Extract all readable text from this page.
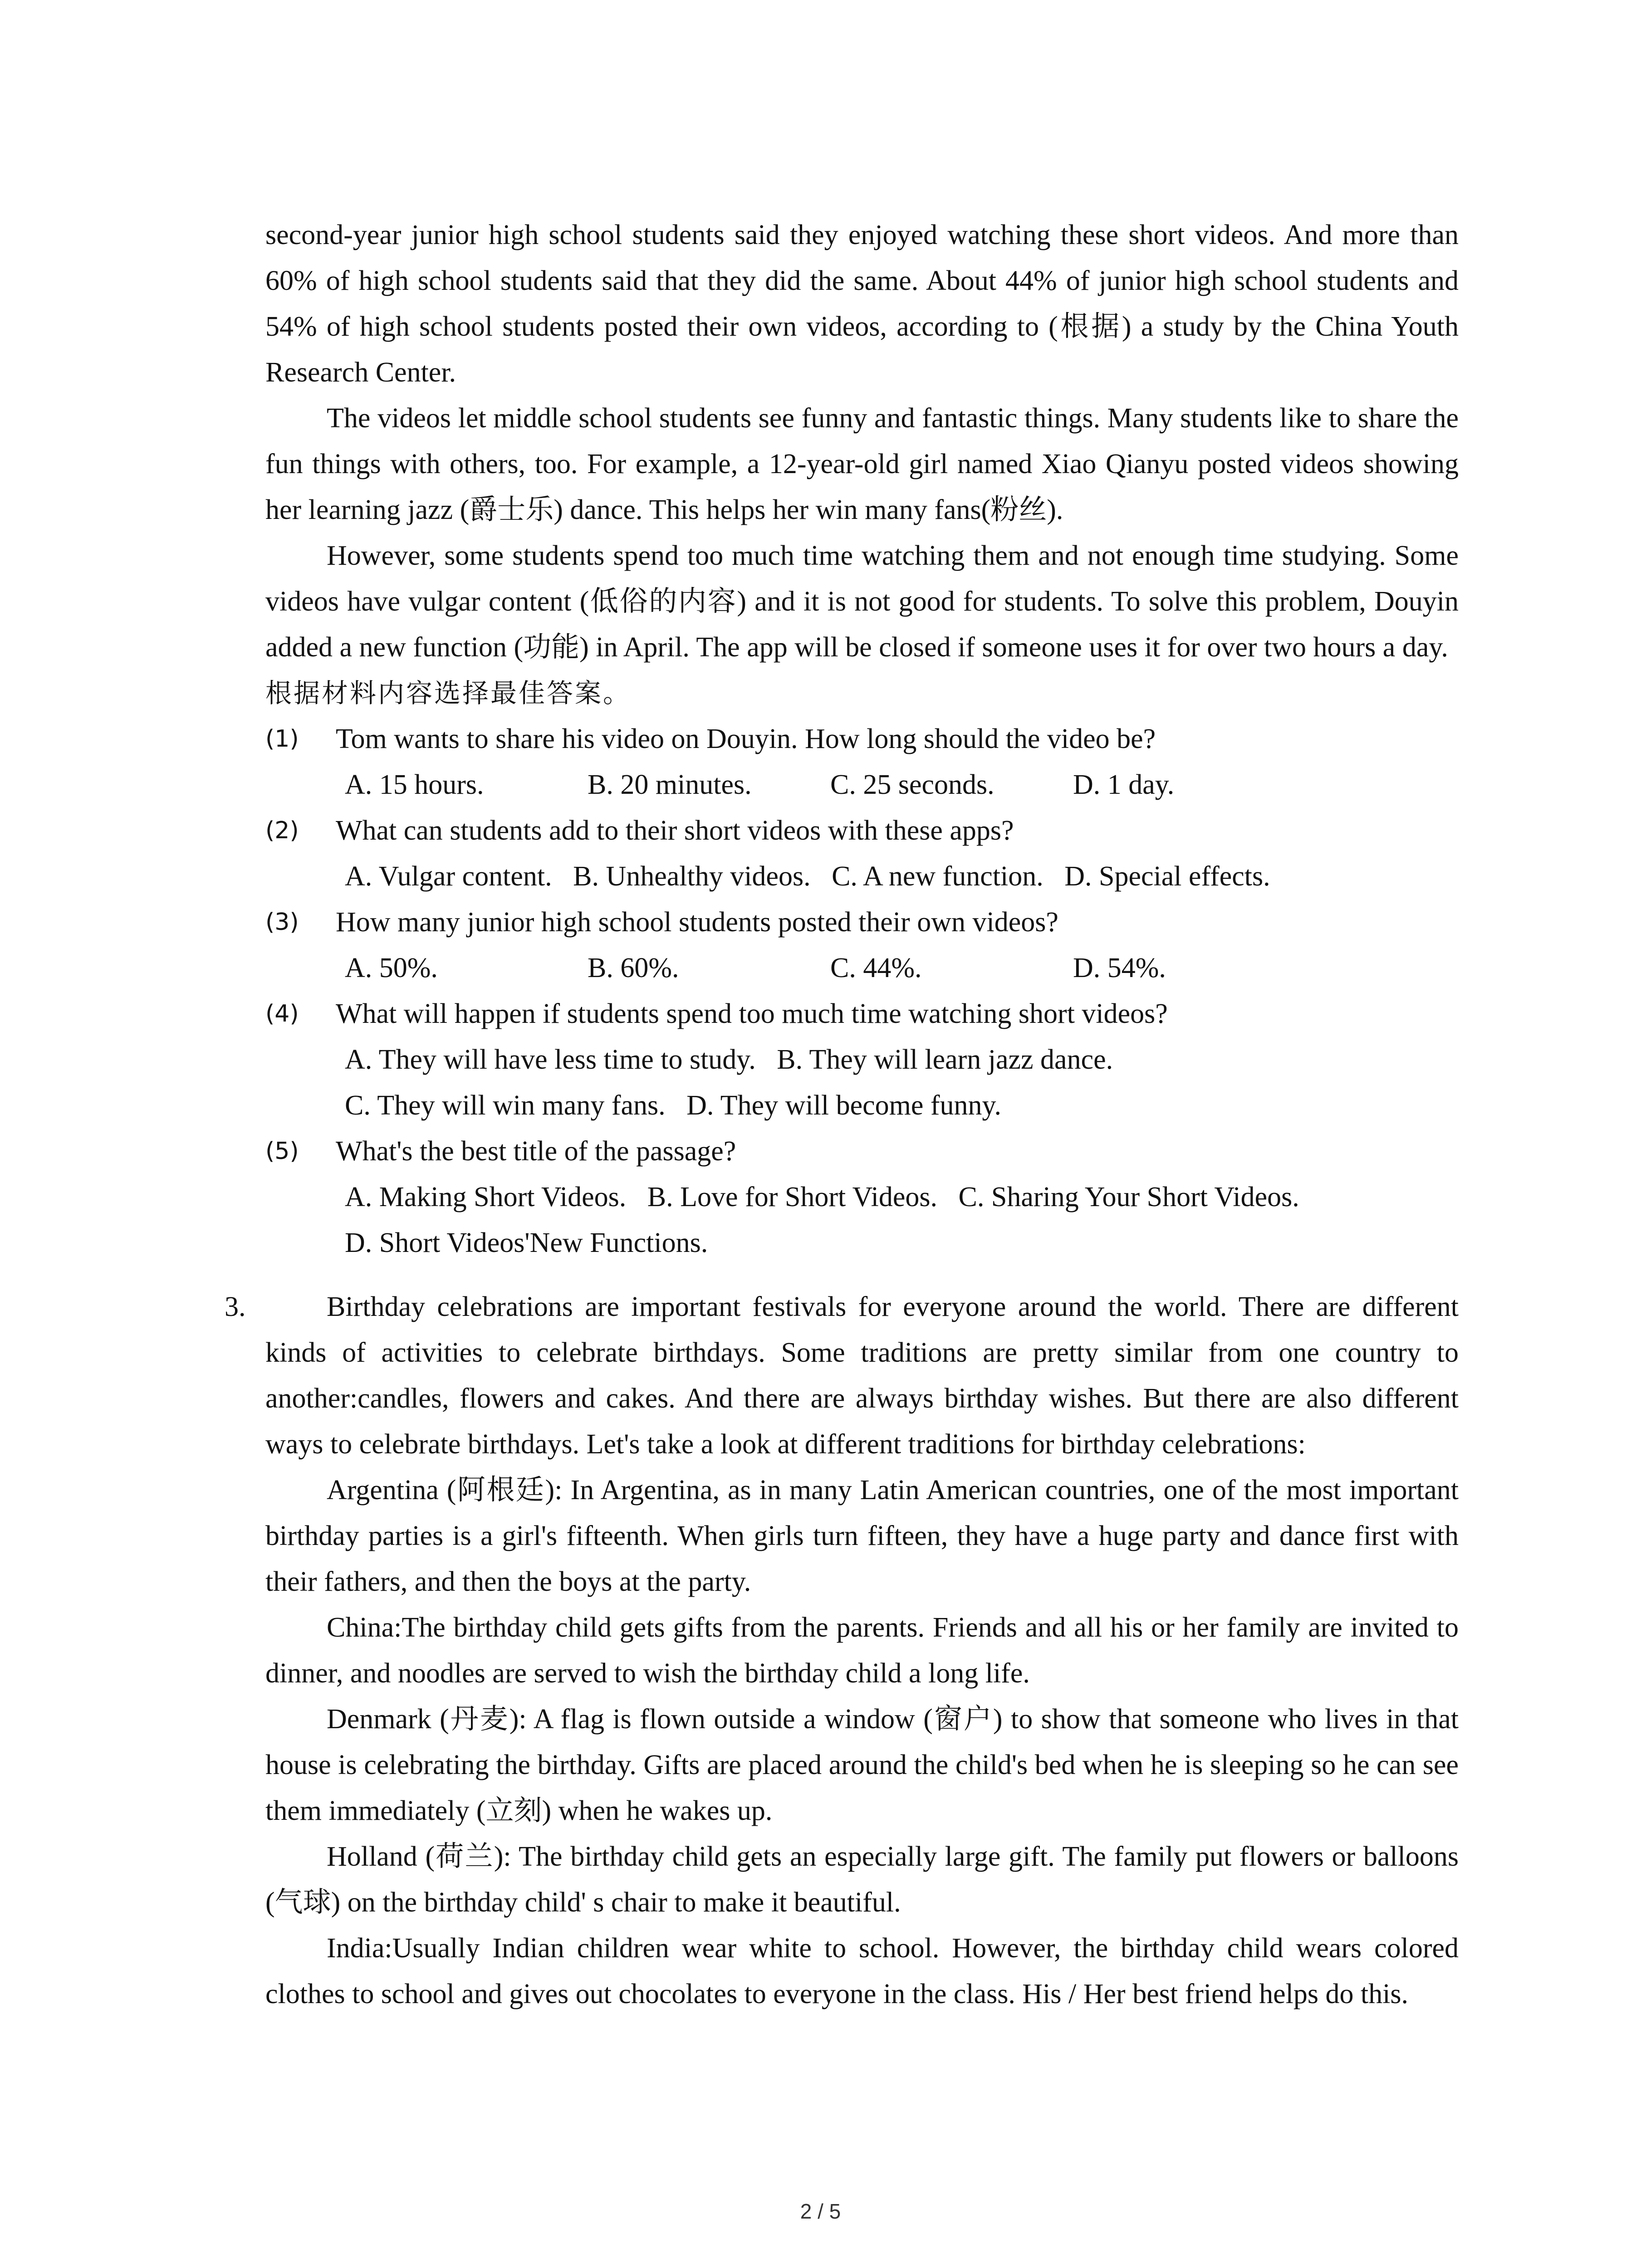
second-year junior high school students said they enjoyed watching these short videos. And more than 60% of high school students said that they did the same. About 44% of junior high school students and 54% of high school students posted their own videos, according to (根据) a study by the China Youth Research Center.

The videos let middle school students see funny and fantastic things. Many students like to share the fun things with others, too. For example, a 12-year-old girl named Xiao Qianyu posted videos showing her learning jazz (爵士乐) dance. This helps her win many fans(粉丝).

However, some students spend too much time watching them and not enough time studying. Some videos have vulgar content (低俗的内容) and it is not good for students. To solve this problem, Douyin added a new function (功能) in April. The app will be closed if someone uses it for over two hours a day.

根据材料内容选择最佳答案。

(1) Tom wants to share his video on Douyin. How long should the video be?
A. 15 hours.	B. 20 minutes.	C. 25 seconds.	D. 1 day.
(2) What can students add to their short videos with these apps?
A. Vulgar content.   B. Unhealthy videos.   C. A new function.   D. Special effects.
(3) How many junior high school students posted their own videos?
A. 50%.	B. 60%.	C. 44%.	D. 54%.
(4) What will happen if students spend too much time watching short videos?
A. They will have less time to study.   B. They will learn jazz dance.
C. They will win many fans.   D. They will become funny.
(5) What's the best title of the passage?
A. Making Short Videos.   B. Love for Short Videos.   C. Sharing Your Short Videos.
D. Short Videos'New Functions.
3.	Birthday celebrations are important festivals for everyone around the world. There are different kinds of activities to celebrate birthdays. Some traditions are pretty similar from one country to another:candles, flowers and cakes. And there are always birthday wishes. But there are also different ways to celebrate birthdays. Let's take a look at different traditions for birthday celebrations:

Argentina (阿根廷): In Argentina, as in many Latin American countries, one of the most important birthday parties is a girl's fifteenth. When girls turn fifteen, they have a huge party and dance first with their fathers, and then the boys at the party.

China:The birthday child gets gifts from the parents. Friends and all his or her family are invited to dinner, and noodles are served to wish the birthday child a long life.

Denmark (丹麦): A flag is flown outside a window (窗户) to show that someone who lives in that house is celebrating the birthday. Gifts are placed around the child's bed when he is sleeping so he can see them immediately (立刻) when he wakes up.

Holland (荷兰): The birthday child gets an especially large gift. The family put flowers or balloons (气球) on the birthday child' s chair to make it beautiful.

India:Usually Indian children wear white to school. However, the birthday child wears colored clothes to school and gives out chocolates to everyone in the class. His / Her best friend helps do this.

2 / 5
